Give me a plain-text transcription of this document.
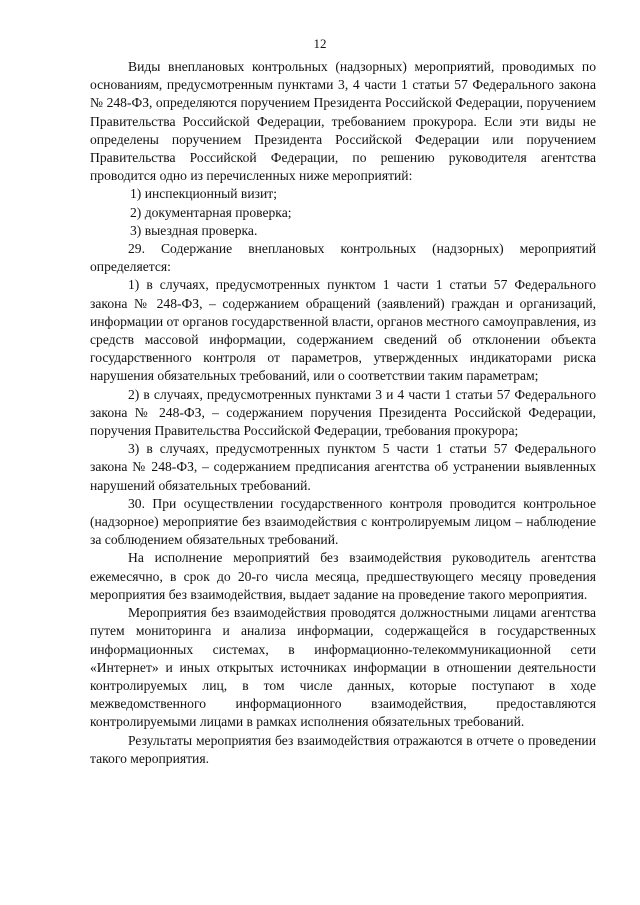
12

Виды внеплановых контрольных (надзорных) мероприятий, проводимых по основаниям, предусмотренным пунктами 3, 4 части 1 статьи 57 Федерального закона № 248-ФЗ, определяются поручением Президента Российской Федерации, поручением Правительства Российской Федерации, требованием прокурора. Если эти виды не определены поручением Президента Российской Федерации или поручением Правительства Российской Федерации, по решению руководителя агентства проводится одно из перечисленных ниже мероприятий:

1) инспекционный визит;

2) документарная проверка;

3) выездная проверка.

29. Содержание внеплановых контрольных (надзорных) мероприятий определяется:

1) в случаях, предусмотренных пунктом 1 части 1 статьи 57 Федерального закона № 248-ФЗ, – содержанием обращений (заявлений) граждан и организаций, информации от органов государственной власти, органов местного самоуправления, из средств массовой информации, содержанием сведений об отклонении объекта государственного контроля от параметров, утвержденных индикаторами риска нарушения обязательных требований, или о соответствии таким параметрам;

2) в случаях, предусмотренных пунктами 3 и 4 части 1 статьи 57 Федерального закона № 248-ФЗ, – содержанием поручения Президента Российской Федерации, поручения Правительства Российской Федерации, требования прокурора;

3) в случаях, предусмотренных пунктом 5 части 1 статьи 57 Федерального закона № 248-ФЗ, – содержанием предписания агентства об устранении выявленных нарушений обязательных требований.

30. При осуществлении государственного контроля проводится контрольное (надзорное) мероприятие без взаимодействия с контролируемым лицом – наблюдение за соблюдением обязательных требований.

На исполнение мероприятий без взаимодействия руководитель агентства ежемесячно, в срок до 20-го числа месяца, предшествующего месяцу проведения мероприятия без взаимодействия, выдает задание на проведение такого мероприятия.

Мероприятия без взаимодействия проводятся должностными лицами агентства путем мониторинга и анализа информации, содержащейся в государственных информационных системах, в информационно-телекоммуникационной сети «Интернет» и иных открытых источниках информации в отношении деятельности контролируемых лиц, в том числе данных, которые поступают в ходе межведомственного информационного взаимодействия, предоставляются контролируемыми лицами в рамках исполнения обязательных требований.

Результаты мероприятия без взаимодействия отражаются в отчете о проведении такого мероприятия.
